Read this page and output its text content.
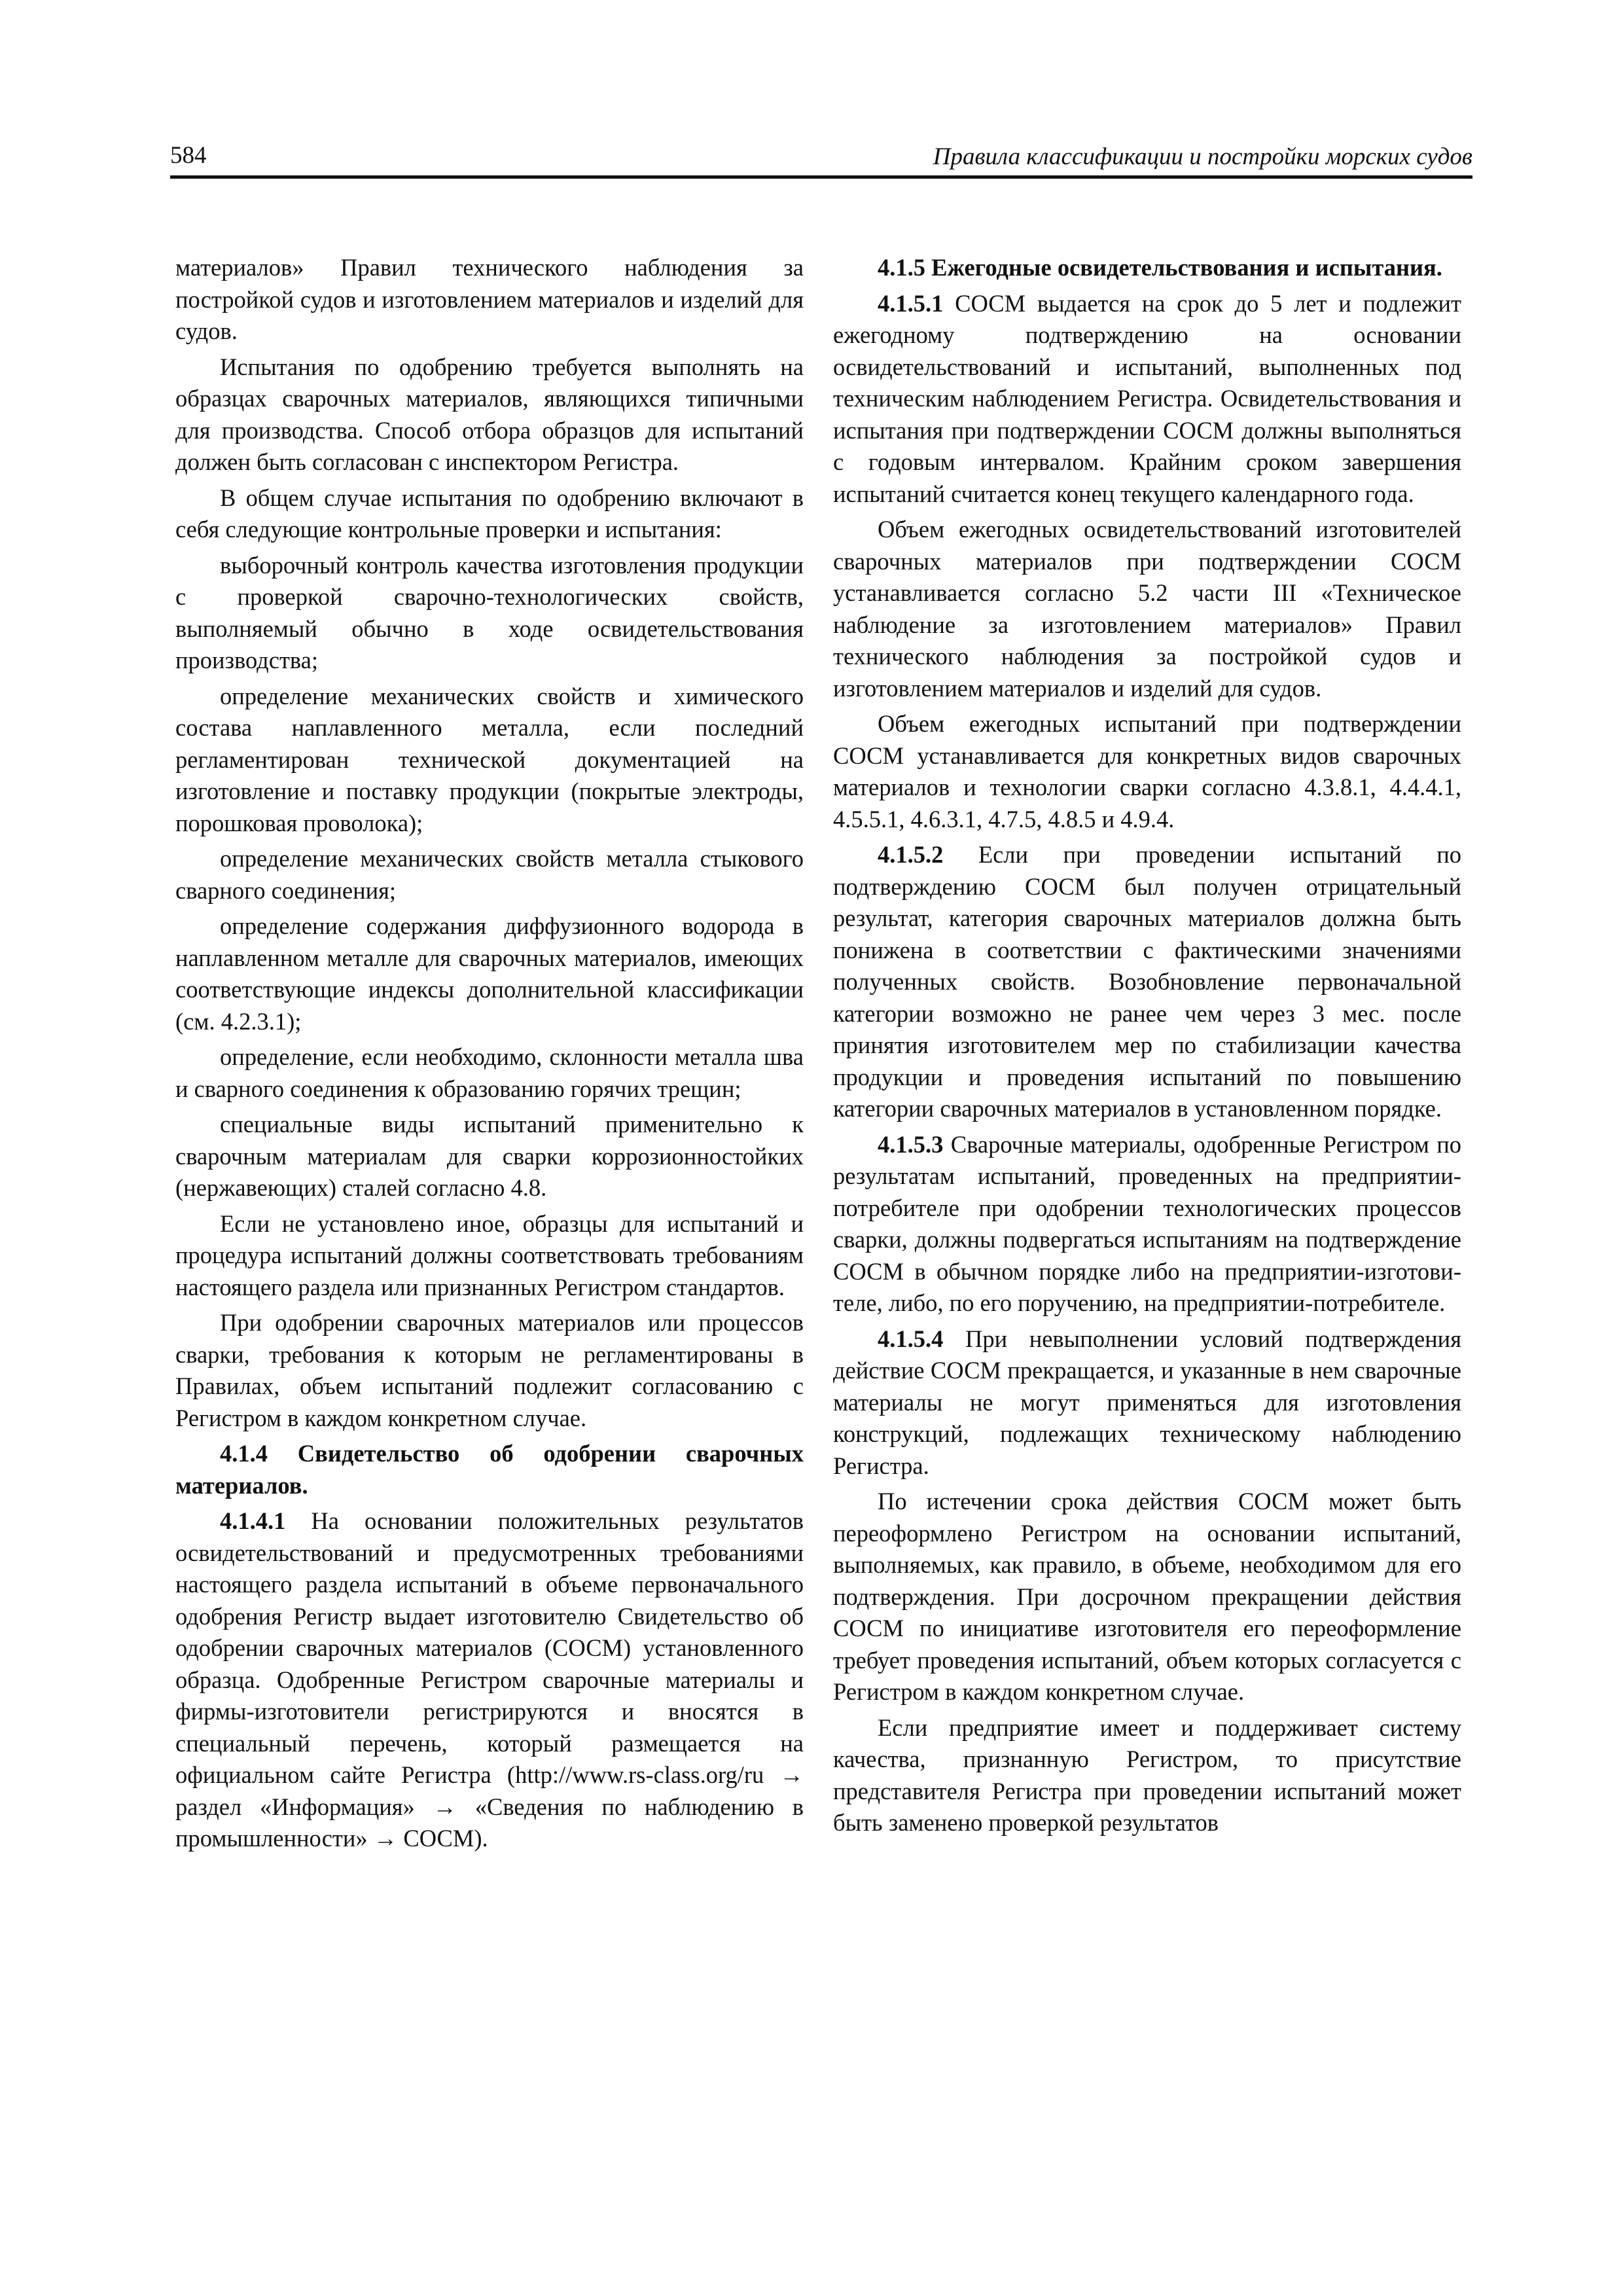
584	Правила классификации и постройки морских судов

материалов» Правил технического наблюдения за постройкой судов и изготовлением материалов и изделий для судов.

Испытания по одобрению требуется выполнять на образцах сварочных материалов, являющихся типичными для производства. Способ отбора образцов для испытаний должен быть согласован с инспектором Регистра.

В общем случае испытания по одобрению включают в себя следующие контрольные проверки и испытания:

выборочный контроль качества изготовления продукции с проверкой сварочно-технологических свойств, выполняемый обычно в ходе освидетельствования производства;

определение механических свойств и химического состава наплавленного металла, если последний регламентирован технической документацией на изготовление и поставку продукции (покрытые электроды, порошковая проволока);

определение механических свойств металла стыкового сварного соединения;

определение содержания диффузионного водорода в наплавленном металле для сварочных материалов, имеющих соответствующие индексы дополнительной классификации (см. 4.2.3.1);

определение, если необходимо, склонности металла шва и сварного соединения к образованию горячих трещин;

специальные виды испытаний применительно к сварочным материалам для сварки коррозионностойких (нержавеющих) сталей согласно 4.8.

Если не установлено иное, образцы для испытаний и процедура испытаний должны соответствовать требованиям настоящего раздела или признанных Регистром стандартов.

При одобрении сварочных материалов или процессов сварки, требования к которым не регламентированы в Правилах, объем испытаний подлежит согласованию с Регистром в каждом конкретном случае.

4.1.4 Свидетельство об одобрении сварочных материалов.

4.1.4.1 На основании положительных результатов освидетельствований и предусмотренных требованиями настоящего раздела испытаний в объеме первоначального одобрения Регистр выдает изготовителю Свидетельство об одобрении сварочных материалов (СОСМ) установленного образца. Одобренные Регистром сварочные материалы и фирмы-изготовители регистрируются и вносятся в специальный перечень, который размещается на официальном сайте Регистра (http://www.rs-class.org/ru → раздел «Информация» → «Сведения по наблюдению в промышленности» → СОСМ).

4.1.5 Ежегодные освидетельствования и испытания.

4.1.5.1 СОСМ выдается на срок до 5 лет и подлежит ежегодному подтверждению на основании освидетельствований и испытаний, выполненных под техническим наблюдением Регистра. Освидетельствования и испытания при подтверждении СОСМ должны выполняться с годовым интервалом. Крайним сроком завершения испытаний считается конец текущего календарного года.

Объем ежегодных освидетельствований изготовителей сварочных материалов при подтверждении СОСМ устанавливается согласно 5.2 части III «Техническое наблюдение за изготовлением материалов» Правил технического наблюдения за постройкой судов и изготовлением материалов и изделий для судов.

Объем ежегодных испытаний при подтверждении СОСМ устанавливается для конкретных видов сварочных материалов и технологии сварки согласно 4.3.8.1, 4.4.4.1, 4.5.5.1, 4.6.3.1, 4.7.5, 4.8.5 и 4.9.4.

4.1.5.2 Если при проведении испытаний по подтверждению СОСМ был получен отрицательный результат, категория сварочных материалов должна быть понижена в соответствии с фактическими значениями полученных свойств. Возобновление первоначальной категории возможно не ранее чем через 3 мес. после принятия изготовителем мер по стабилизации качества продукции и проведения испытаний по повышению категории сварочных материалов в установленном порядке.

4.1.5.3 Сварочные материалы, одобренные Регистром по результатам испытаний, проведенных на предприятии-потребителе при одобрении технологических процессов сварки, должны подвергаться испытаниям на подтверждение СОСМ в обычном порядке либо на предприятии-изготовителе, либо, по его поручению, на предприятии-потребителе.

4.1.5.4 При невыполнении условий подтверждения действие СОСМ прекращается, и указанные в нем сварочные материалы не могут применяться для изготовления конструкций, подлежащих техническому наблюдению Регистра.

По истечении срока действия СОСМ может быть переоформлено Регистром на основании испытаний, выполняемых, как правило, в объеме, необходимом для его подтверждения. При досрочном прекращении действия СОСМ по инициативе изготовителя его переоформление требует проведения испытаний, объем которых согласуется с Регистром в каждом конкретном случае.

Если предприятие имеет и поддерживает систему качества, признанную Регистром, то присутствие представителя Регистра при проведении испытаний может быть заменено проверкой результатов
